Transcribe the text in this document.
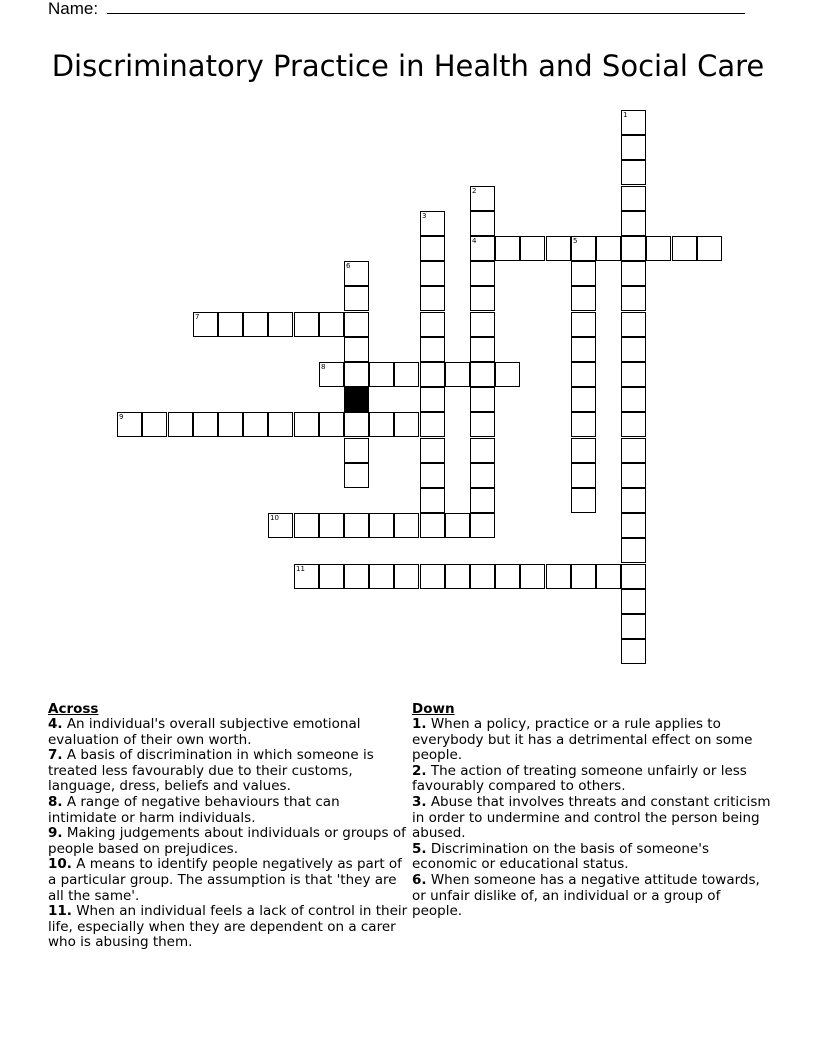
Name:
Discriminatory Practice in Health and Social Care
1
2
4
3
5
6
7
8
9
10
11
Across

4. An individual's overall subjective emotional evaluation of their own worth.

7. A basis of discrimination in which someone is treated less favourably due to their customs, language, dress, beliefs and values.

8. A range of negative behaviours that can intimidate or harm individuals.

9. Making judgements about individuals or groups of people based on prejudices.

10. A means to identify people negatively as part of a particular group. The assumption is that 'they are all the same'.

11. When an individual feels a lack of control in their life, especially when they are dependent on a carer who is abusing them.

Down

1. When a policy, practice or a rule applies to everybody but it has a detrimental effect on some people.

2. The action of treating someone unfairly or less favourably compared to others.

3. Abuse that involves threats and constant criticism in order to undermine and control the person being abused.

5. Discrimination on the basis of someone's economic or educational status.

6. When someone has a negative attitude towards, or unfair dislike of, an individual or a group of people.
